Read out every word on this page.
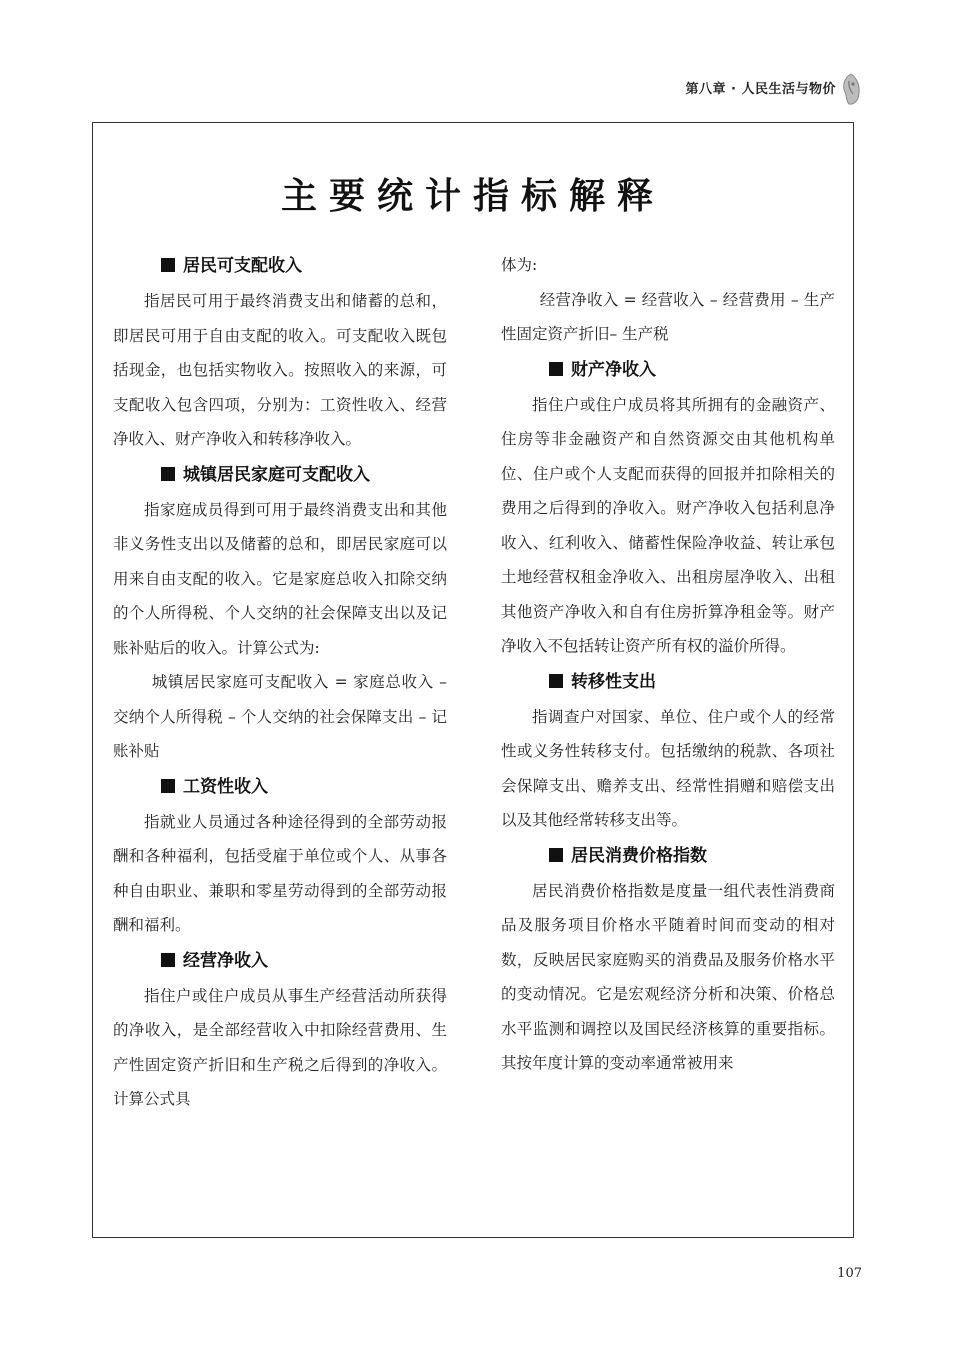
第八章 · 人民生活与物价
主要统计指标解释
居民可支配收入

指居民可用于最终消费支出和储蓄的总和，即居民可用于自由支配的收入。可支配收入既包括现金，也包括实物收入。按照收入的来源，可支配收入包含四项，分别为：工资性收入、经营净收入、财产净收入和转移净收入。

城镇居民家庭可支配收入

指家庭成员得到可用于最终消费支出和其他非义务性支出以及储蓄的总和，即居民家庭可以用来自由支配的收入。它是家庭总收入扣除交纳的个人所得税、个人交纳的社会保障支出以及记账补贴后的收入。计算公式为:

城镇居民家庭可支配收入 = 家庭总收入 – 交纳个人所得税 – 个人交纳的社会保障支出 – 记账补贴

工资性收入

指就业人员通过各种途径得到的全部劳动报酬和各种福利，包括受雇于单位或个人、从事各种自由职业、兼职和零星劳动得到的全部劳动报酬和福利。

经营净收入

指住户或住户成员从事生产经营活动所获得的净收入，是全部经营收入中扣除经营费用、生产性固定资产折旧和生产税之后得到的净收入。计算公式具

体为:

经营净收入 = 经营收入 – 经营费用 – 生产性固定资产折旧– 生产税

财产净收入

指住户或住户成员将其所拥有的金融资产、住房等非金融资产和自然资源交由其他机构单位、住户或个人支配而获得的回报并扣除相关的费用之后得到的净收入。财产净收入包括利息净收入、红利收入、储蓄性保险净收益、转让承包土地经营权租金净收入、出租房屋净收入、出租其他资产净收入和自有住房折算净租金等。财产净收入不包括转让资产所有权的溢价所得。

转移性支出

指调查户对国家、单位、住户或个人的经常性或义务性转移支付。包括缴纳的税款、各项社会保障支出、赡养支出、经常性捐赠和赔偿支出以及其他经常转移支出等。

居民消费价格指数

居民消费价格指数是度量一组代表性消费商品及服务项目价格水平随着时间而变动的相对数，反映居民家庭购买的消费品及服务价格水平的变动情况。它是宏观经济分析和决策、价格总水平监测和调控以及国民经济核算的重要指标。其按年度计算的变动率通常被用来

107
